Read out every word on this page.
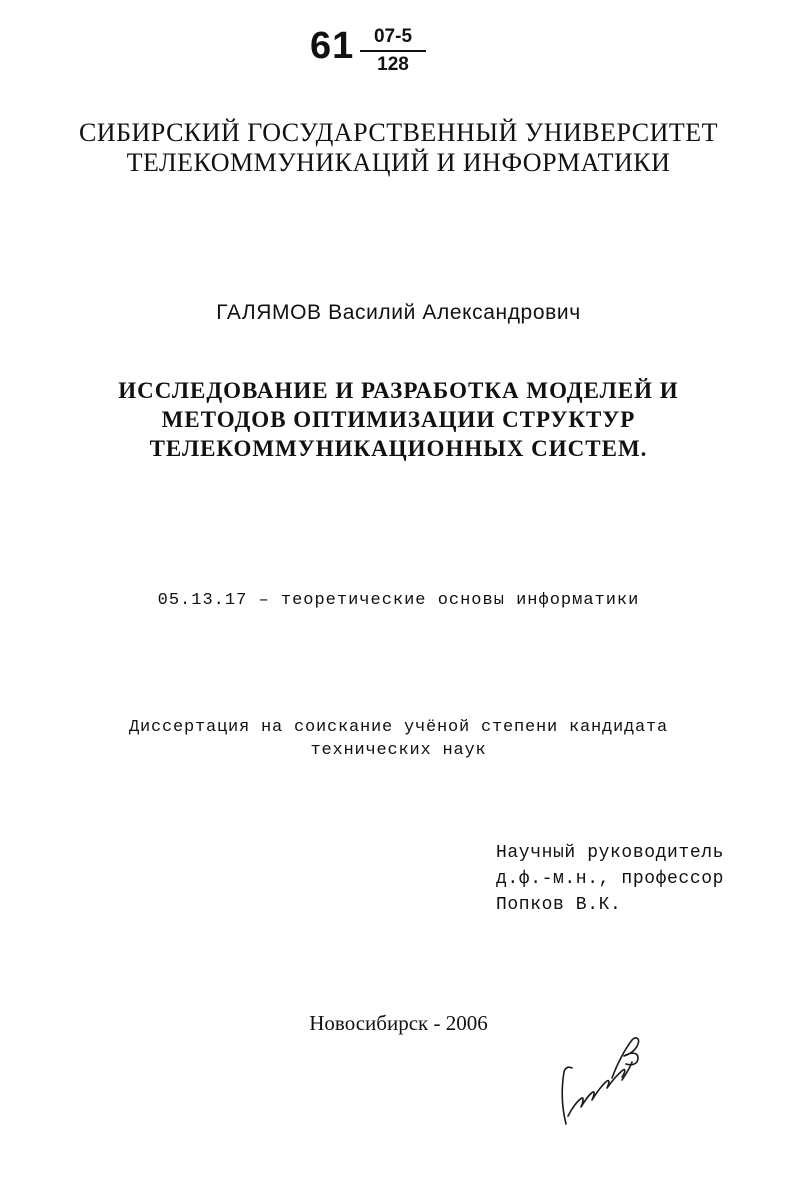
61	07-5
128
СИБИРСКИЙ ГОСУДАРСТВЕННЫЙ УНИВЕРСИТЕТ
ТЕЛЕКОММУНИКАЦИЙ И ИНФОРМАТИКИ
ГАЛЯМОВ Василий Александрович
ИССЛЕДОВАНИЕ И РАЗРАБОТКА МОДЕЛЕЙ И
МЕТОДОВ ОПТИМИЗАЦИИ СТРУКТУР
ТЕЛЕКОММУНИКАЦИОННЫХ СИСТЕМ.
05.13.17 – теоретические основы информатики
Диссертация на соискание учёной степени кандидата
технических наук
Научный руководитель
д.ф.-м.н., профессор
Попков В.К.
Новосибирск - 2006
